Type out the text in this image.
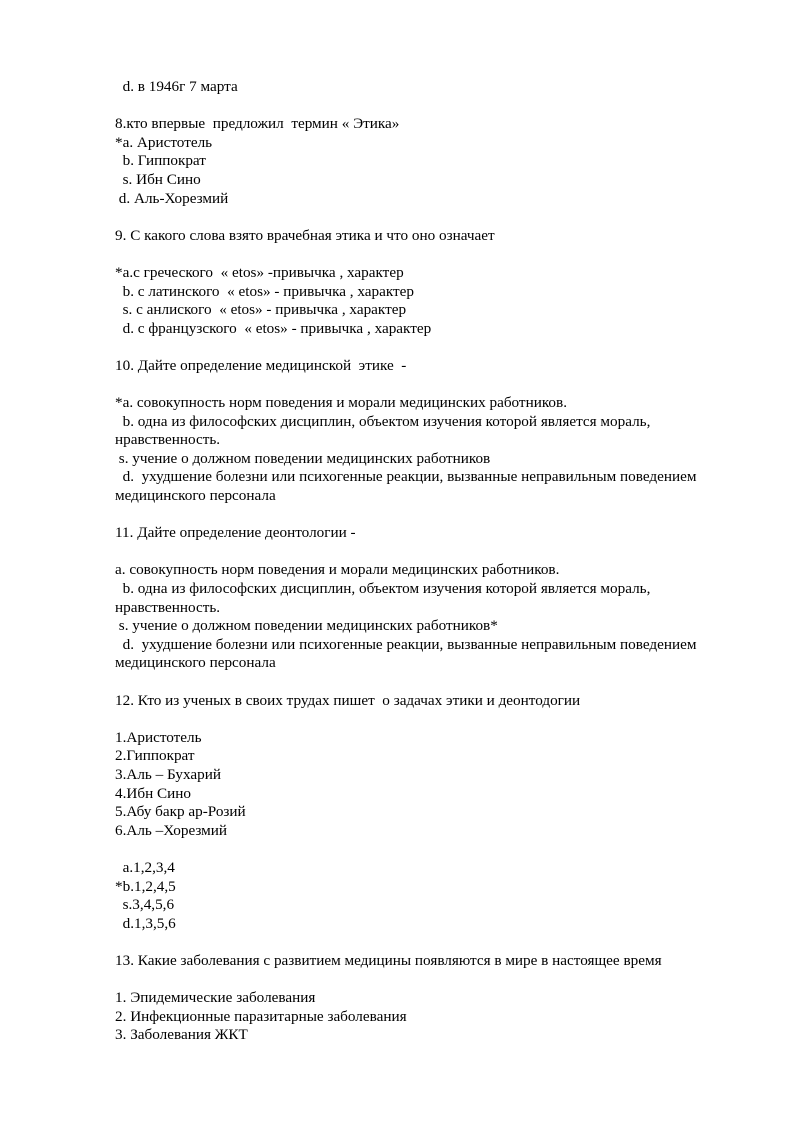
d. в 1946г 7 марта
8.кто впервые  предложил  термин « Этика»
*a. Аристотель
b. Гиппократ
s. Ибн Сино
d. Аль-Хорезмий
9. С какого слова взято врачебная этика и что оно означает
*a.с греческого  « etos» -привычка , характер
b. с латинского  « etos» - привычка , характер
s. с анлиского  « etos» - привычка , характер
d. с французского  « etos» - привычка , характер
10. Дайте определение медицинской  этике  -
*a. совокупность норм поведения и морали медицинских работников.
b. одна из философских дисциплин, объектом изучения которой является мораль, нравственность.
s. учение о должном поведении медицинских работников
d.  ухудшение болезни или психогенные реакции, вызванные неправильным поведением медицинского персонала
11. Дайте определение деонтологии -
a. совокупность норм поведения и морали медицинских работников.
b. одна из философских дисциплин, объектом изучения которой является мораль, нравственность.
s. учение о должном поведении медицинских работников*
d.  ухудшение болезни или психогенные реакции, вызванные неправильным поведением медицинского персонала
12. Кто из ученых в своих трудах пишет  о задачах этики и деонтодогии
1.Аристотель
2.Гиппократ
3.Аль – Бухарий
4.Ибн Сино
5.Абу бакр ар-Розий
6.Аль –Хорезмий
a.1,2,3,4
*b.1,2,4,5
s.3,4,5,6
d.1,3,5,6
13. Какие заболевания с развитием медицины появляются в мире в настоящее время
1. Эпидемические заболевания
2. Инфекционные паразитарные заболевания
3. Заболевания ЖКТ
